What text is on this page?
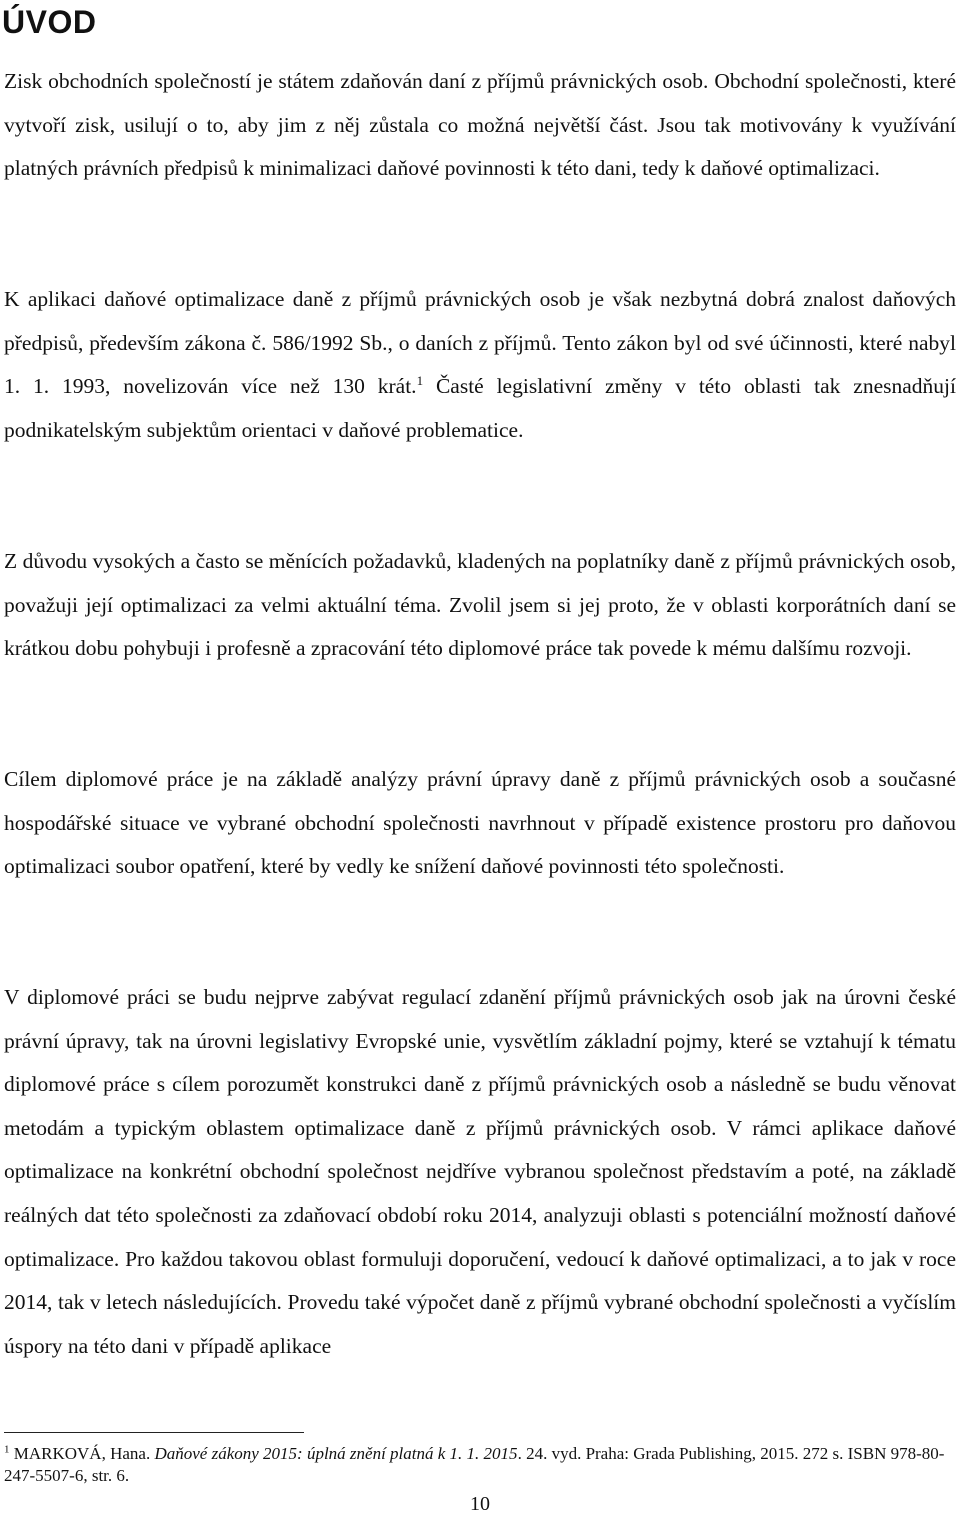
ÚVOD

Zisk obchodních společností je státem zdaňován daní z příjmů právnických osob. Obchodní společnosti, které vytvoří zisk, usilují o to, aby jim z něj zůstala co možná největší část. Jsou tak motivovány k využívání platných právních předpisů k minimalizaci daňové povinnosti k této dani, tedy k daňové optimalizaci.

K aplikaci daňové optimalizace daně z příjmů právnických osob je však nezbytná dobrá znalost daňových předpisů, především zákona č. 586/1992 Sb., o daních z příjmů. Tento zákon byl od své účinnosti, které nabyl 1. 1. 1993, novelizován více než 130 krát.$^1$ Časté legislativní změny v této oblasti tak znesnadňují podnikatelským subjektům orientaci v daňové problematice.

Z důvodu vysokých a často se měnících požadavků, kladených na poplatníky daně z příjmů právnických osob, považuji její optimalizaci za velmi aktuální téma. Zvolil jsem si jej proto, že v oblasti korporátních daní se krátkou dobu pohybuji i profesně a zpracování této diplomové práce tak povede k mému dalšímu rozvoji.

Cílem diplomové práce je na základě analýzy právní úpravy daně z příjmů právnických osob a současné hospodářské situace ve vybrané obchodní společnosti navrhnout v případě existence prostoru pro daňovou optimalizaci soubor opatření, které by vedly ke snížení daňové povinnosti této společnosti.

V diplomové práci se budu nejprve zabývat regulací zdanění příjmů právnických osob jak na úrovni české právní úpravy, tak na úrovni legislativy Evropské unie, vysvětlím základní pojmy, které se vztahují k tématu diplomové práce s cílem porozumět konstrukci daně z příjmů právnických osob a následně se budu věnovat metodám a typickým oblastem optimalizace daně z příjmů právnických osob. V rámci aplikace daňové optimalizace na konkrétní obchodní společnost nejdříve vybranou společnost představím a poté, na základě reálných dat této společnosti za zdaňovací období roku 2014, analyzuji oblasti s potenciální možností daňové optimalizace. Pro každou takovou oblast formuluji doporučení, vedoucí k daňové optimalizaci, a to jak v roce 2014, tak v letech následujících. Provedu také výpočet daně z příjmů vybrané obchodní společnosti a vyčíslím úspory na této dani v případě aplikace

$^1$ MARKOVÁ, Hana. Daňové zákony 2015: úplná znění platná k 1. 1. 2015. 24. vyd. Praha: Grada Publishing, 2015. 272 s. ISBN 978-80-247-5507-6, str. 6.

10
